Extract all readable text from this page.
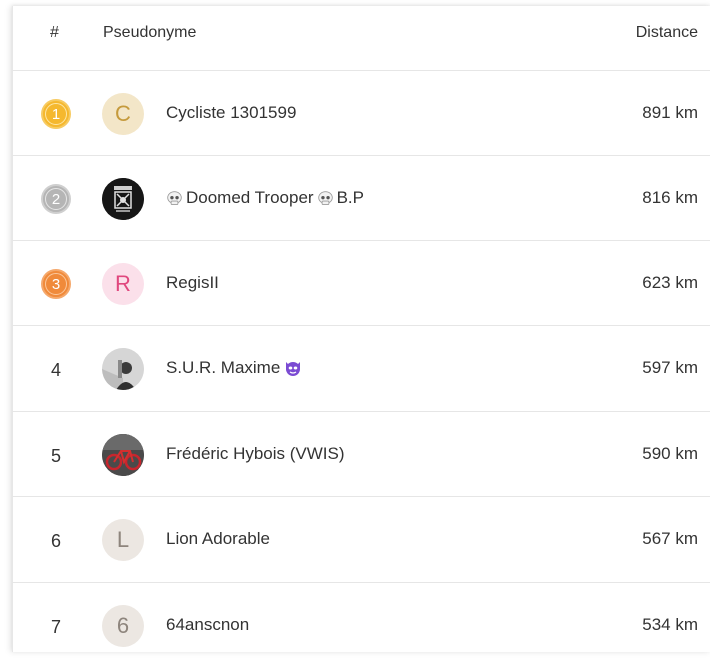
#	Pseudonyme	Distance
1	C Cycliste 1301599	891 km
2	Doomed Trooper B.P	816 km
3	R RegisII	623 km
4	S.U.R. Maxime	597 km
5	Frédéric Hybois (VWIS)	590 km
6	L Lion Adorable	567 km
7	6 64anscnon	534 km
